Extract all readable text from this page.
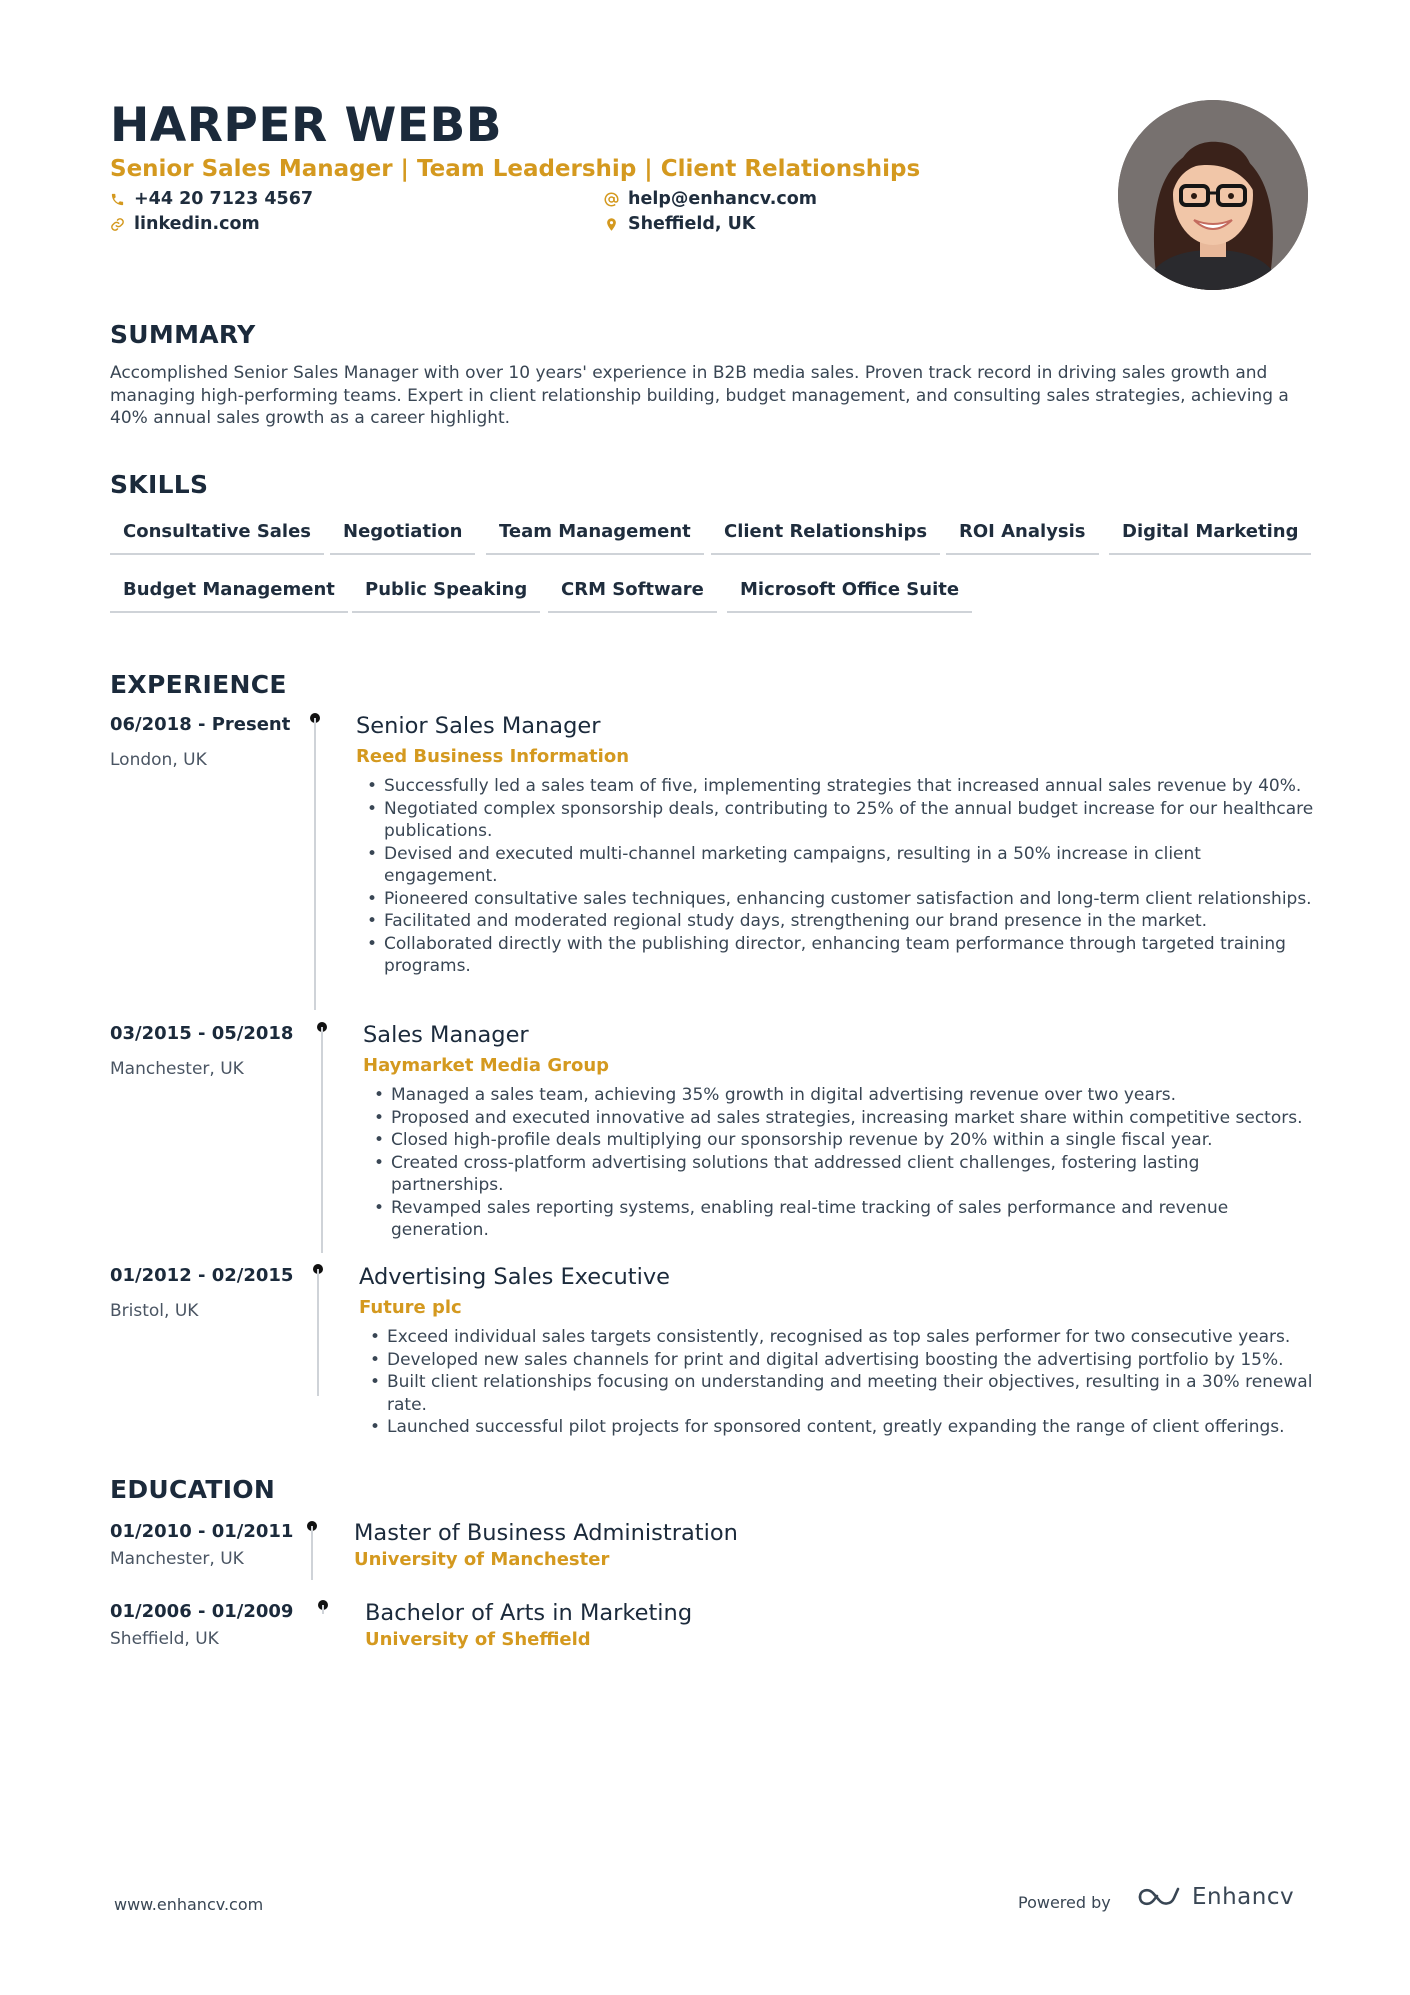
HARPER WEBB
Senior Sales Manager | Team Leadership | Client Relationships
+44 20 7123 4567	help@enhancv.com
linkedin.com	Sheffield, UK
SUMMARY
Accomplished Senior Sales Manager with over 10 years' experience in B2B media sales. Proven track record in driving sales growth and managing high-performing teams. Expert in client relationship building, budget management, and consulting sales strategies, achieving a 40% annual sales growth as a career highlight.
SKILLS
Consultative Sales	Negotiation	Team Management	Client Relationships	ROI Analysis	Digital Marketing
Budget Management	Public Speaking	CRM Software	Microsoft Office Suite
EXPERIENCE
06/2018 - Present
London, UK
Senior Sales Manager
Reed Business Information
• Successfully led a sales team of five, implementing strategies that increased annual sales revenue by 40%.
• Negotiated complex sponsorship deals, contributing to 25% of the annual budget increase for our healthcare publications.
• Devised and executed multi-channel marketing campaigns, resulting in a 50% increase in client engagement.
• Pioneered consultative sales techniques, enhancing customer satisfaction and long-term client relationships.
• Facilitated and moderated regional study days, strengthening our brand presence in the market.
• Collaborated directly with the publishing director, enhancing team performance through targeted training programs.
03/2015 - 05/2018
Manchester, UK
Sales Manager
Haymarket Media Group
• Managed a sales team, achieving 35% growth in digital advertising revenue over two years.
• Proposed and executed innovative ad sales strategies, increasing market share within competitive sectors.
• Closed high-profile deals multiplying our sponsorship revenue by 20% within a single fiscal year.
• Created cross-platform advertising solutions that addressed client challenges, fostering lasting partnerships.
• Revamped sales reporting systems, enabling real-time tracking of sales performance and revenue generation.
01/2012 - 02/2015
Bristol, UK
Advertising Sales Executive
Future plc
• Exceed individual sales targets consistently, recognised as top sales performer for two consecutive years.
• Developed new sales channels for print and digital advertising boosting the advertising portfolio by 15%.
• Built client relationships focusing on understanding and meeting their objectives, resulting in a 30% renewal rate.
• Launched successful pilot projects for sponsored content, greatly expanding the range of client offerings.
EDUCATION
01/2010 - 01/2011
Manchester, UK
Master of Business Administration
University of Manchester
01/2006 - 01/2009
Sheffield, UK
Bachelor of Arts in Marketing
University of Sheffield
www.enhancv.com	Powered by	Enhancv
